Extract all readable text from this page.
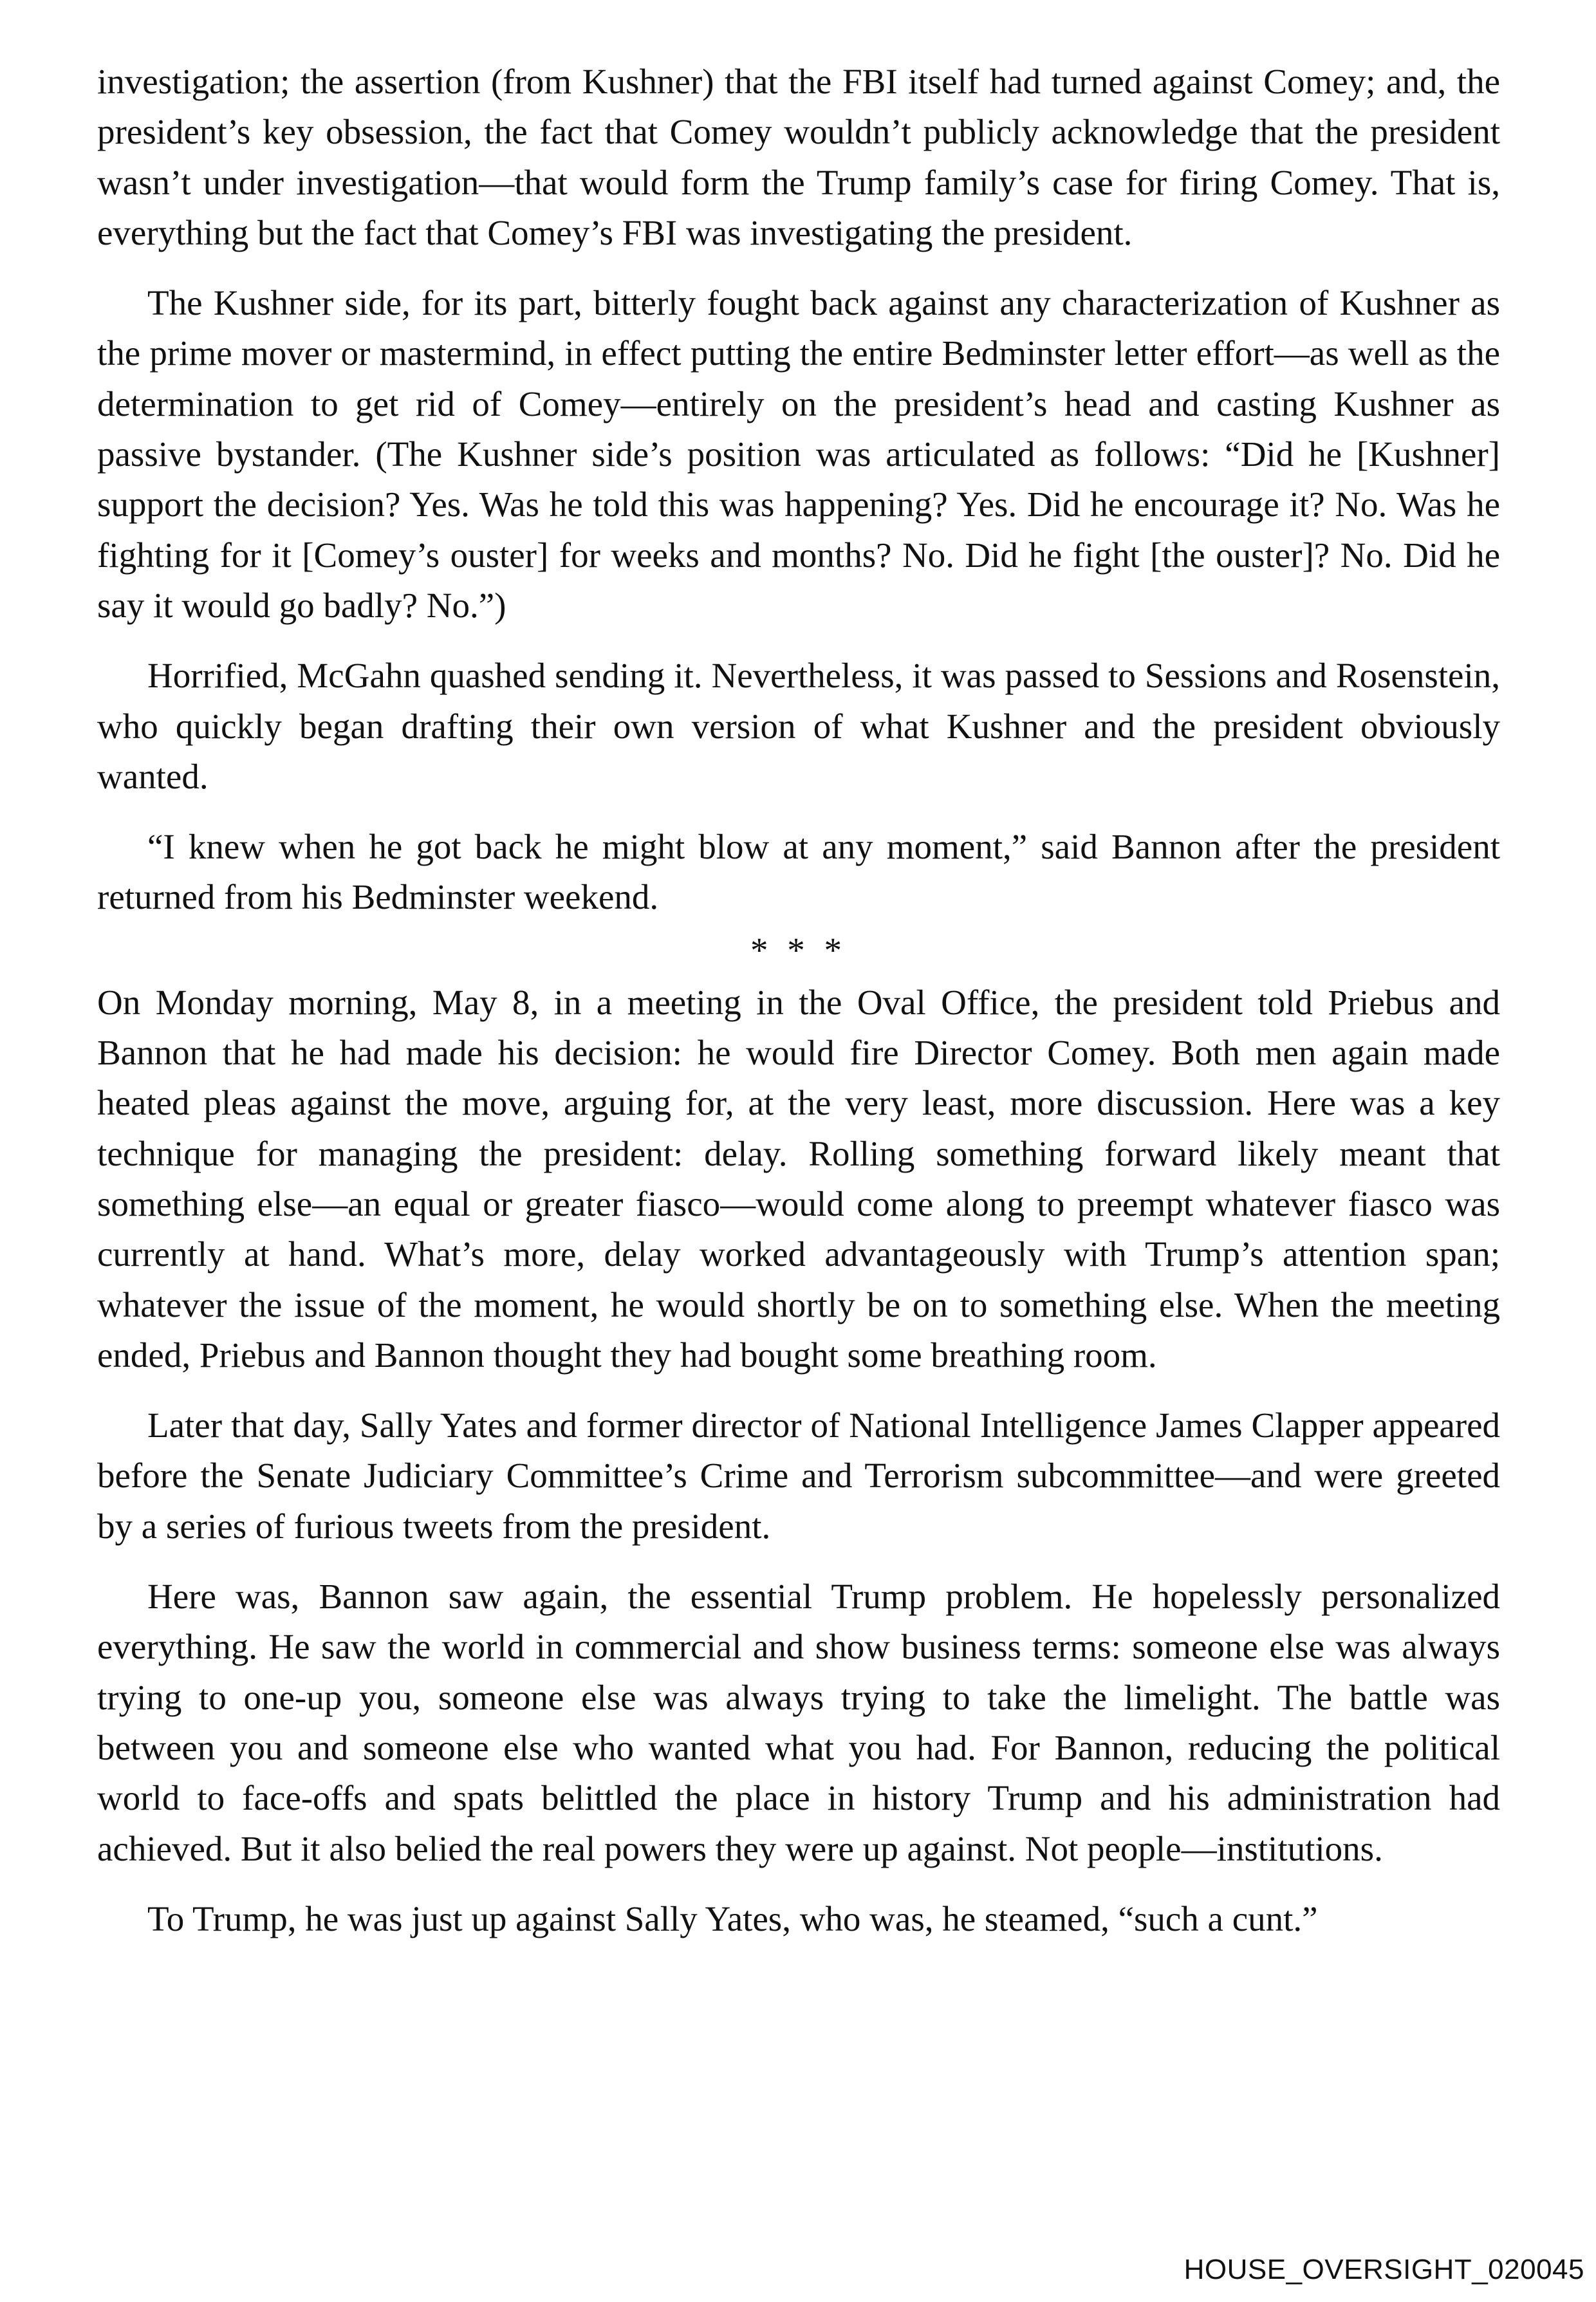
investigation; the assertion (from Kushner) that the FBI itself had turned against Comey; and, the president’s key obsession, the fact that Comey wouldn’t publicly acknowledge that the president wasn’t under investigation—that would form the Trump family’s case for firing Comey. That is, everything but the fact that Comey’s FBI was investigating the president.

The Kushner side, for its part, bitterly fought back against any characterization of Kushner as the prime mover or mastermind, in effect putting the entire Bedminster letter effort—as well as the determination to get rid of Comey—entirely on the president’s head and casting Kushner as passive bystander. (The Kushner side’s position was articulated as follows: “Did he [Kushner] support the decision? Yes. Was he told this was happening? Yes. Did he encourage it? No. Was he fighting for it [Comey’s ouster] for weeks and months? No. Did he fight [the ouster]? No. Did he say it would go badly? No.”)

Horrified, McGahn quashed sending it. Nevertheless, it was passed to Sessions and Rosenstein, who quickly began drafting their own version of what Kushner and the president obviously wanted.

“I knew when he got back he might blow at any moment,” said Bannon after the president returned from his Bedminster weekend.

* * *

On Monday morning, May 8, in a meeting in the Oval Office, the president told Priebus and Bannon that he had made his decision: he would fire Director Comey. Both men again made heated pleas against the move, arguing for, at the very least, more discussion. Here was a key technique for managing the president: delay. Rolling something forward likely meant that something else—an equal or greater fiasco—would come along to preempt whatever fiasco was currently at hand. What’s more, delay worked advantageously with Trump’s attention span; whatever the issue of the moment, he would shortly be on to something else. When the meeting ended, Priebus and Bannon thought they had bought some breathing room.

Later that day, Sally Yates and former director of National Intelligence James Clapper appeared before the Senate Judiciary Committee’s Crime and Terrorism subcommittee—and were greeted by a series of furious tweets from the president.

Here was, Bannon saw again, the essential Trump problem. He hopelessly personalized everything. He saw the world in commercial and show business terms: someone else was always trying to one-up you, someone else was always trying to take the limelight. The battle was between you and someone else who wanted what you had. For Bannon, reducing the political world to face-offs and spats belittled the place in history Trump and his administration had achieved. But it also belied the real powers they were up against. Not people—institutions.

To Trump, he was just up against Sally Yates, who was, he steamed, “such a cunt.”

HOUSE_OVERSIGHT_020045
